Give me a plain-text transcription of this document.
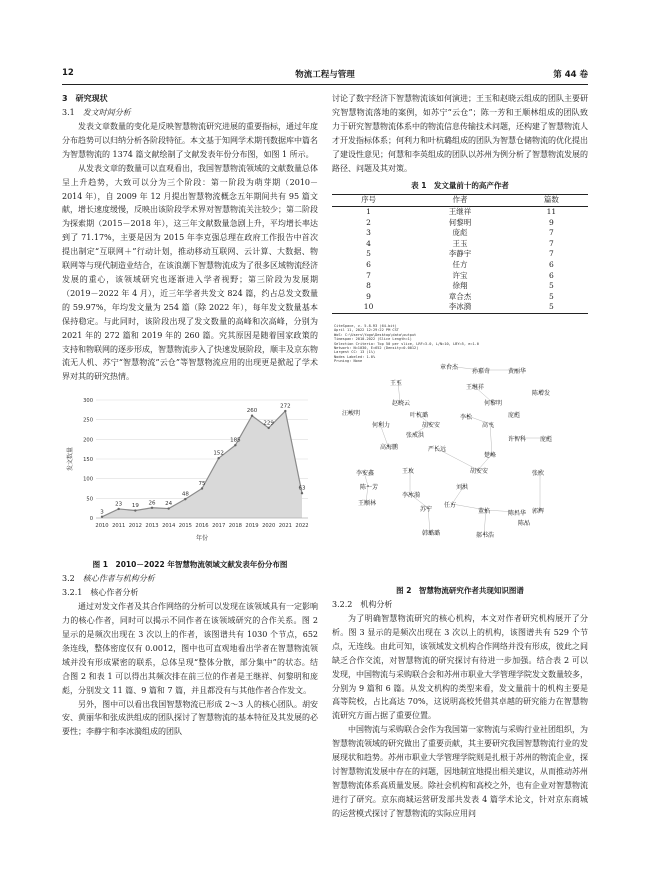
12	物流工程与管理	第 44 卷
3　研究现状
3.1　 发文时间分析

发表文章数量的变化是反映智慧物流研究进展的重要指标，通过年度分布趋势可以归纳分析各阶段特征。本文基于知网学术期刊数据库中篇名为智慧物流的 1374 篇文献绘制了文献发表年份分布图，如图 1 所示。

从发表文章的数量可以直观看出，我国智慧物流领域的文献数量总体呈上升趋势，大致可以分为三个阶段：第一阶段为萌芽期（2010－2014 年），自 2009 年 12 月提出智慧物流概念五年期间共有 95 篇文献，增长速度缓慢，反映出该阶段学术界对智慧物流关注较少；第二阶段为探索期（2015－2018 年），这三年文献数量急剧上升，平均增长率达到了 71.17%，主要是因为 2015 年李克强总理在政府工作报告中首次提出制定“互联网＋”行动计划，推动移动互联网、云计算、大数据、物联网等与现代制造业结合，在该浪潮下智慧物流成为了很多区域物流经济发展的重心，该领域研究也逐渐进入学者视野；第三阶段为发展期（2019－2022 年 4 月），近三年学者共发文 824 篇，约占总发文数量的 59.97%，年均发文量为 254 篇（除 2022 年），每年发文数量基本保持稳定。与此同时，该阶段出现了发文数量的高峰和次高峰，分别为 2021 年的 272 篇和 2019 年的 260 篇。究其原因是随着国家政策的支持和物联网的逐步形成，智慧物流步入了快速发展阶段，顺丰及京东物流无人机、苏宁“智慧物流”云仓”等智慧物流应用的出现更是掀起了学术界对其的研究热情。

3
23 19 26 24
48
75
152
185
260
229
272
63
2010 2011 2012 2013 2014 2015 2016 2017 2018 2019 2020 2021 2022
0
50
100
150
200
250
300
年份
发文数量
图 1　2010－2022 年智慧物流领域文献发表年份分布图
3.2　 核心作者与机构分析
3.2.1　 核心作者分析

通过对发文作者及其合作网络的分析可以发现在该领域具有一定影响力的核心作者，同时可以揭示不同作者在该领域研究的合作关系。图 2 显示的是频次出现在 3 次以上的作者，该图谱共有 1030 个节点，652 条连线，整体密度仅有 0.0012，图中也可直观地看出学者在智慧物流领域并没有形成紧密的联系，总体呈现“整体分散，部分集中”的状态。结合图 2 和表 1 可以得出其频次排在前三位的作者是王继祥、何黎明和庞彪，分别发文 11 篇、9 篇和 7 篇，并且都没有与其他作者合作发文。

另外，图中可以看出我国智慧物流已形成 2～3 人的核心团队。胡安安、黄丽华和张成洪组成的团队探讨了智慧物流的基本特征及其发展的必要性；李静宇和李冰漪组成的团队

讨论了数字经济下智慧物流该如何演进；王玉和赵晓云组成的团队主要研究智慧物流落地的案例，如苏宁“云仓”；陈一芳和王顺林组成的团队致力于研究智慧物流体系中的物流信息传输技术问题，还构建了智慧物流人才开发指标体系；何利力和叶杭璐组成的团队为智慧仓储物流的优化提出了建设性意见；何慧和李英组成的团队以苏州为例分析了智慧物流发展的路径、问题及其对策。

表 1　发文量前十的高产作者
序号	作者	篇数
1	王继祥	11
2	何黎明	9
3	庞彪	7
4	王玉	7
5	李静宇	7
6	任方	6
7	许宝	6
8	徐翔	5
9	章合杰	5
10	李冰漪	5
CiteSpace, v. 5.8.R3 (64-bit)
April 11, 2022 12:29:22 PM CST
WoS: C:\Users\Yoga\Desktop\data\output
Timespan: 2010-2022 (Slice Length=1)
Selection Criteria: Top 50 per slice, LRF=3.0, L/N=10, LBY=5, e=1.0
Network: N=1030, E=652 (Density=0.0012)
Largest CC: 13 (1%)
Nodes Labeled: 1.0%
Pruning: None
章合杰
孙嘉奇	黄丽华
王玉
王继祥
陈增发
赵晓云	何黎明
汪峻明	叶杭璐	李松	庞彪
胡安安
何利力	高飞
张成洪
许智科 庞彪
高海鹏	严长远
楚峰
李安鑫	王玫	胡安安	张欣
陈一芳
李冰漪
刘洪
王顺林
苏宁
任方
董焰	陈昌华 郭辉
陈品
韩璐璐	郝书浩
图 2　智慧物流研究作者共现知识图谱
3.2.2　 机构分析

为了明确智慧物流研究的核心机构，本文对作者研究机构展开了分析。图 3 显示的是频次出现在 3 次以上的机构，该图谱共有 529 个节点，无连线。由此可知，该领域发文机构合作网络并没有形成，彼此之间缺乏合作交流，对智慧物流的研究探讨有待进一步加强。结合表 2 可以发现，中国物流与采购联合会和苏州市职业大学管理学院发文数量较多，分别为 9 篇和 6 篇。从发文机构的类型来看，发文量前十的机构主要是高等院校，占比高达 70%，这说明高校凭借其卓越的研究能力在智慧物流研究方面占据了重要位置。

中国物流与采购联合会作为我国第一家物流与采购行业社团组织，为智慧物流领域的研究做出了重要贡献，其主要研究我国智慧物流行业的发展现状和趋势。苏州市职业大学管理学院则是扎根于苏州的物流企业，探讨智慧物流发展中存在的问题，因地制宜地提出相关建议，从而推动苏州智慧物流体系高质量发展。除社会机构和高校之外，也有企业对智慧物流进行了研究。京东商城运营研发部共发表 4 篇学术论文，针对京东商城的运营模式探讨了智慧物流的实际应用问
